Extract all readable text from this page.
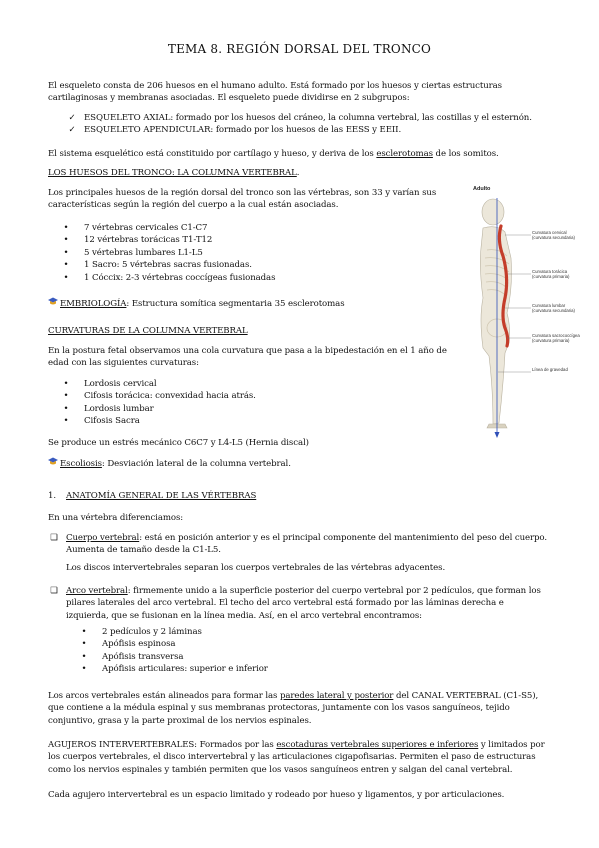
TEMA 8. REGIÓN DORSAL DEL TRONCO
El esqueleto consta de 206 huesos en el humano adulto. Está formado por los huesos y ciertas estructuras
cartilaginosas y membranas asociadas. El esqueleto puede dividirse en 2 subgrupos:
✓ ESQUELETO AXIAL: formado por los huesos del cráneo, la columna vertebral, las costillas y el esternón.
✓ ESQUELETO APENDICULAR: formado por los huesos de las EESS y EEII.
El sistema esquelético está constituido por cartílago y hueso, y deriva de los esclerotomas de los somitos.
LOS HUESOS DEL TRONCO: LA COLUMNA VERTEBRAL.
Los principales huesos de la región dorsal del tronco son las vértebras, son 33 y varían sus
características según la región del cuerpo a la cual están asociadas.
•	7 vértebras cervicales C1-C7
•	12 vértebras torácicas T1-T12
•	5 vértebras lumbares L1-L5
•	1 Sacro: 5 vértebras sacras fusionadas.
•	1 Cóccix: 2-3 vértebras coccígeas fusionadas
EMBRIOLOGÍA: Estructura somítica segmentaria 35 esclerotomas
CURVATURAS DE LA COLUMNA VERTEBRAL
En la postura fetal observamos una cola curvatura que pasa a la bipedestación en el 1 año de
edad con las siguientes curvaturas:
•	Lordosis cervical
•	Cifosis torácica: convexidad hacia atrás.
•	Lordosis lumbar
•	Cifosis Sacra
Se produce un estrés mecánico C6C7 y L4-L5 (Hernia discal)
Escoliosis: Desviación lateral de la columna vertebral.
1. ANATOMÍA GENERAL DE LAS VÉRTEBRAS
En una vértebra diferenciamos:
❑ Cuerpo vertebral: está en posición anterior y es el principal componente del mantenimiento del peso del cuerpo.
Aumenta de tamaño desde la C1-L5.
Los discos intervertebrales separan los cuerpos vertebrales de las vértebras adyacentes.
❑ Arco vertebral: firmemente unido a la superficie posterior del cuerpo vertebral por 2 pedículos, que forman los
pilares laterales del arco vertebral. El techo del arco vertebral está formado por las láminas derecha e
izquierda, que se fusionan en la línea media. Así, en el arco vertebral encontramos:
•	2 pedículos y 2 láminas
•	Apófisis espinosa
•	Apófisis transversa
•	Apófisis articulares: superior e inferior
Los arcos vertebrales están alineados para formar las paredes lateral y posterior del CANAL VERTEBRAL (C1-S5),
que contiene a la médula espinal y sus membranas protectoras, juntamente con los vasos sanguíneos, tejido
conjuntivo, grasa y la parte proximal de los nervios espinales.
AGUJEROS INTERVERTEBRALES: Formados por las escotaduras vertebrales superiores e inferiores y limitados por
los cuerpos vertebrales, el disco intervertebral y las articulaciones cigapofisarias. Permiten el paso de estructuras
como los nervios espinales y también permiten que los vasos sanguíneos entren y salgan del canal vertebral.
Cada agujero intervertebral es un espacio limitado y rodeado por hueso y ligamentos, y por articulaciones.
Adulto
Curvatura cervical
(curvatura secundaria)
Curvatura torácica
(curvatura primaria)
Curvatura lumbar
(curvatura secundaria)
Curvatura sacrococcígea
(curvatura primaria)
Línea de gravedad
